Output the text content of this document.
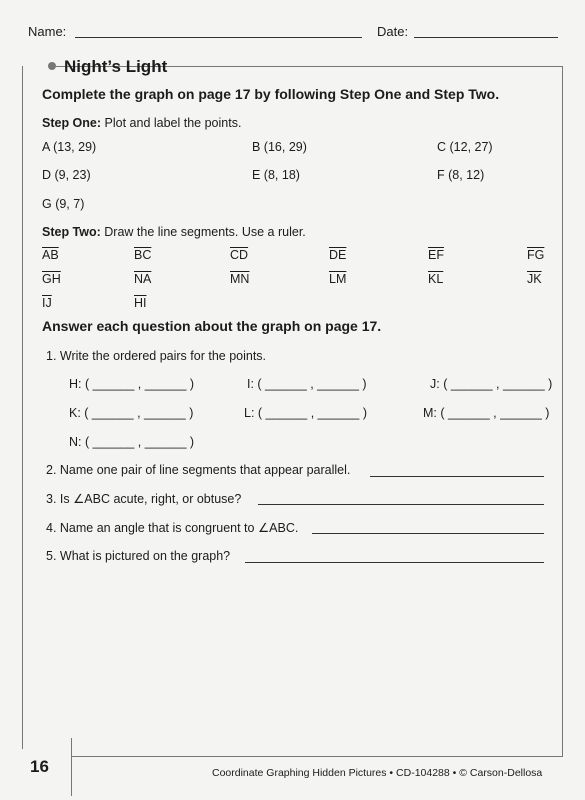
Name:	Date:
Night’s Light
Complete the graph on page 17 by following Step One and Step Two.
Step One: Plot and label the points.
A (13, 29)	B (16, 29)	C (12, 27)
D (9, 23)	E (8, 18)	F (8, 12)
G (9, 7)
Step Two: Draw the line segments. Use a ruler.
$\overline{AB}$	$\overline{BC}$	$\overline{CD}$	$\overline{DE}$	$\overline{EF}$	$\overline{FG}$
$\overline{GH}$	$\overline{NA}$	$\overline{MN}$	$\overline{LM}$	$\overline{KL}$	$\overline{JK}$
$\overline{IJ}$	$\overline{HI}$
Answer each question about the graph on page 17.
1. Write the ordered pairs for the points.
H: ( ______ , ______ )	I: ( ______ , ______ )	J: ( ______ , ______ )
K: ( ______ , ______ )	L: ( ______ , ______ )	M: ( ______ , ______ )
N: ( ______ , ______ )
2. Name one pair of line segments that appear parallel.
3. Is ∠ABC acute, right, or obtuse?
4. Name an angle that is congruent to ∠ABC.
5. What is pictured on the graph?
16	Coordinate Graphing Hidden Pictures • CD-104288 • © Carson-Dellosa
